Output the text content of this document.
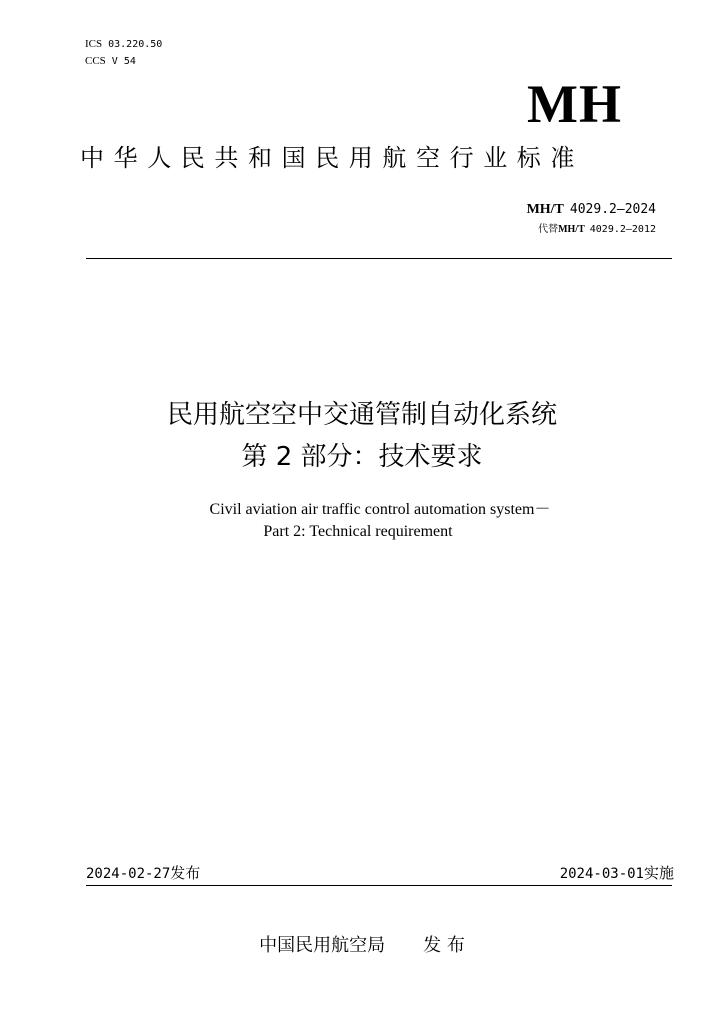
ICS 03.220.50
CCS V 54
MH
中华人民共和国民用航空行业标准
MH/T 4029.2—2024
代替MH/T 4029.2—2012
民用航空空中交通管制自动化系统
第 2 部分：技术要求
Civil aviation air traffic control automation system－
Part 2: Technical requirement
2024-02-27发布	2024-03-01实施
中国民用航空局 发 布
